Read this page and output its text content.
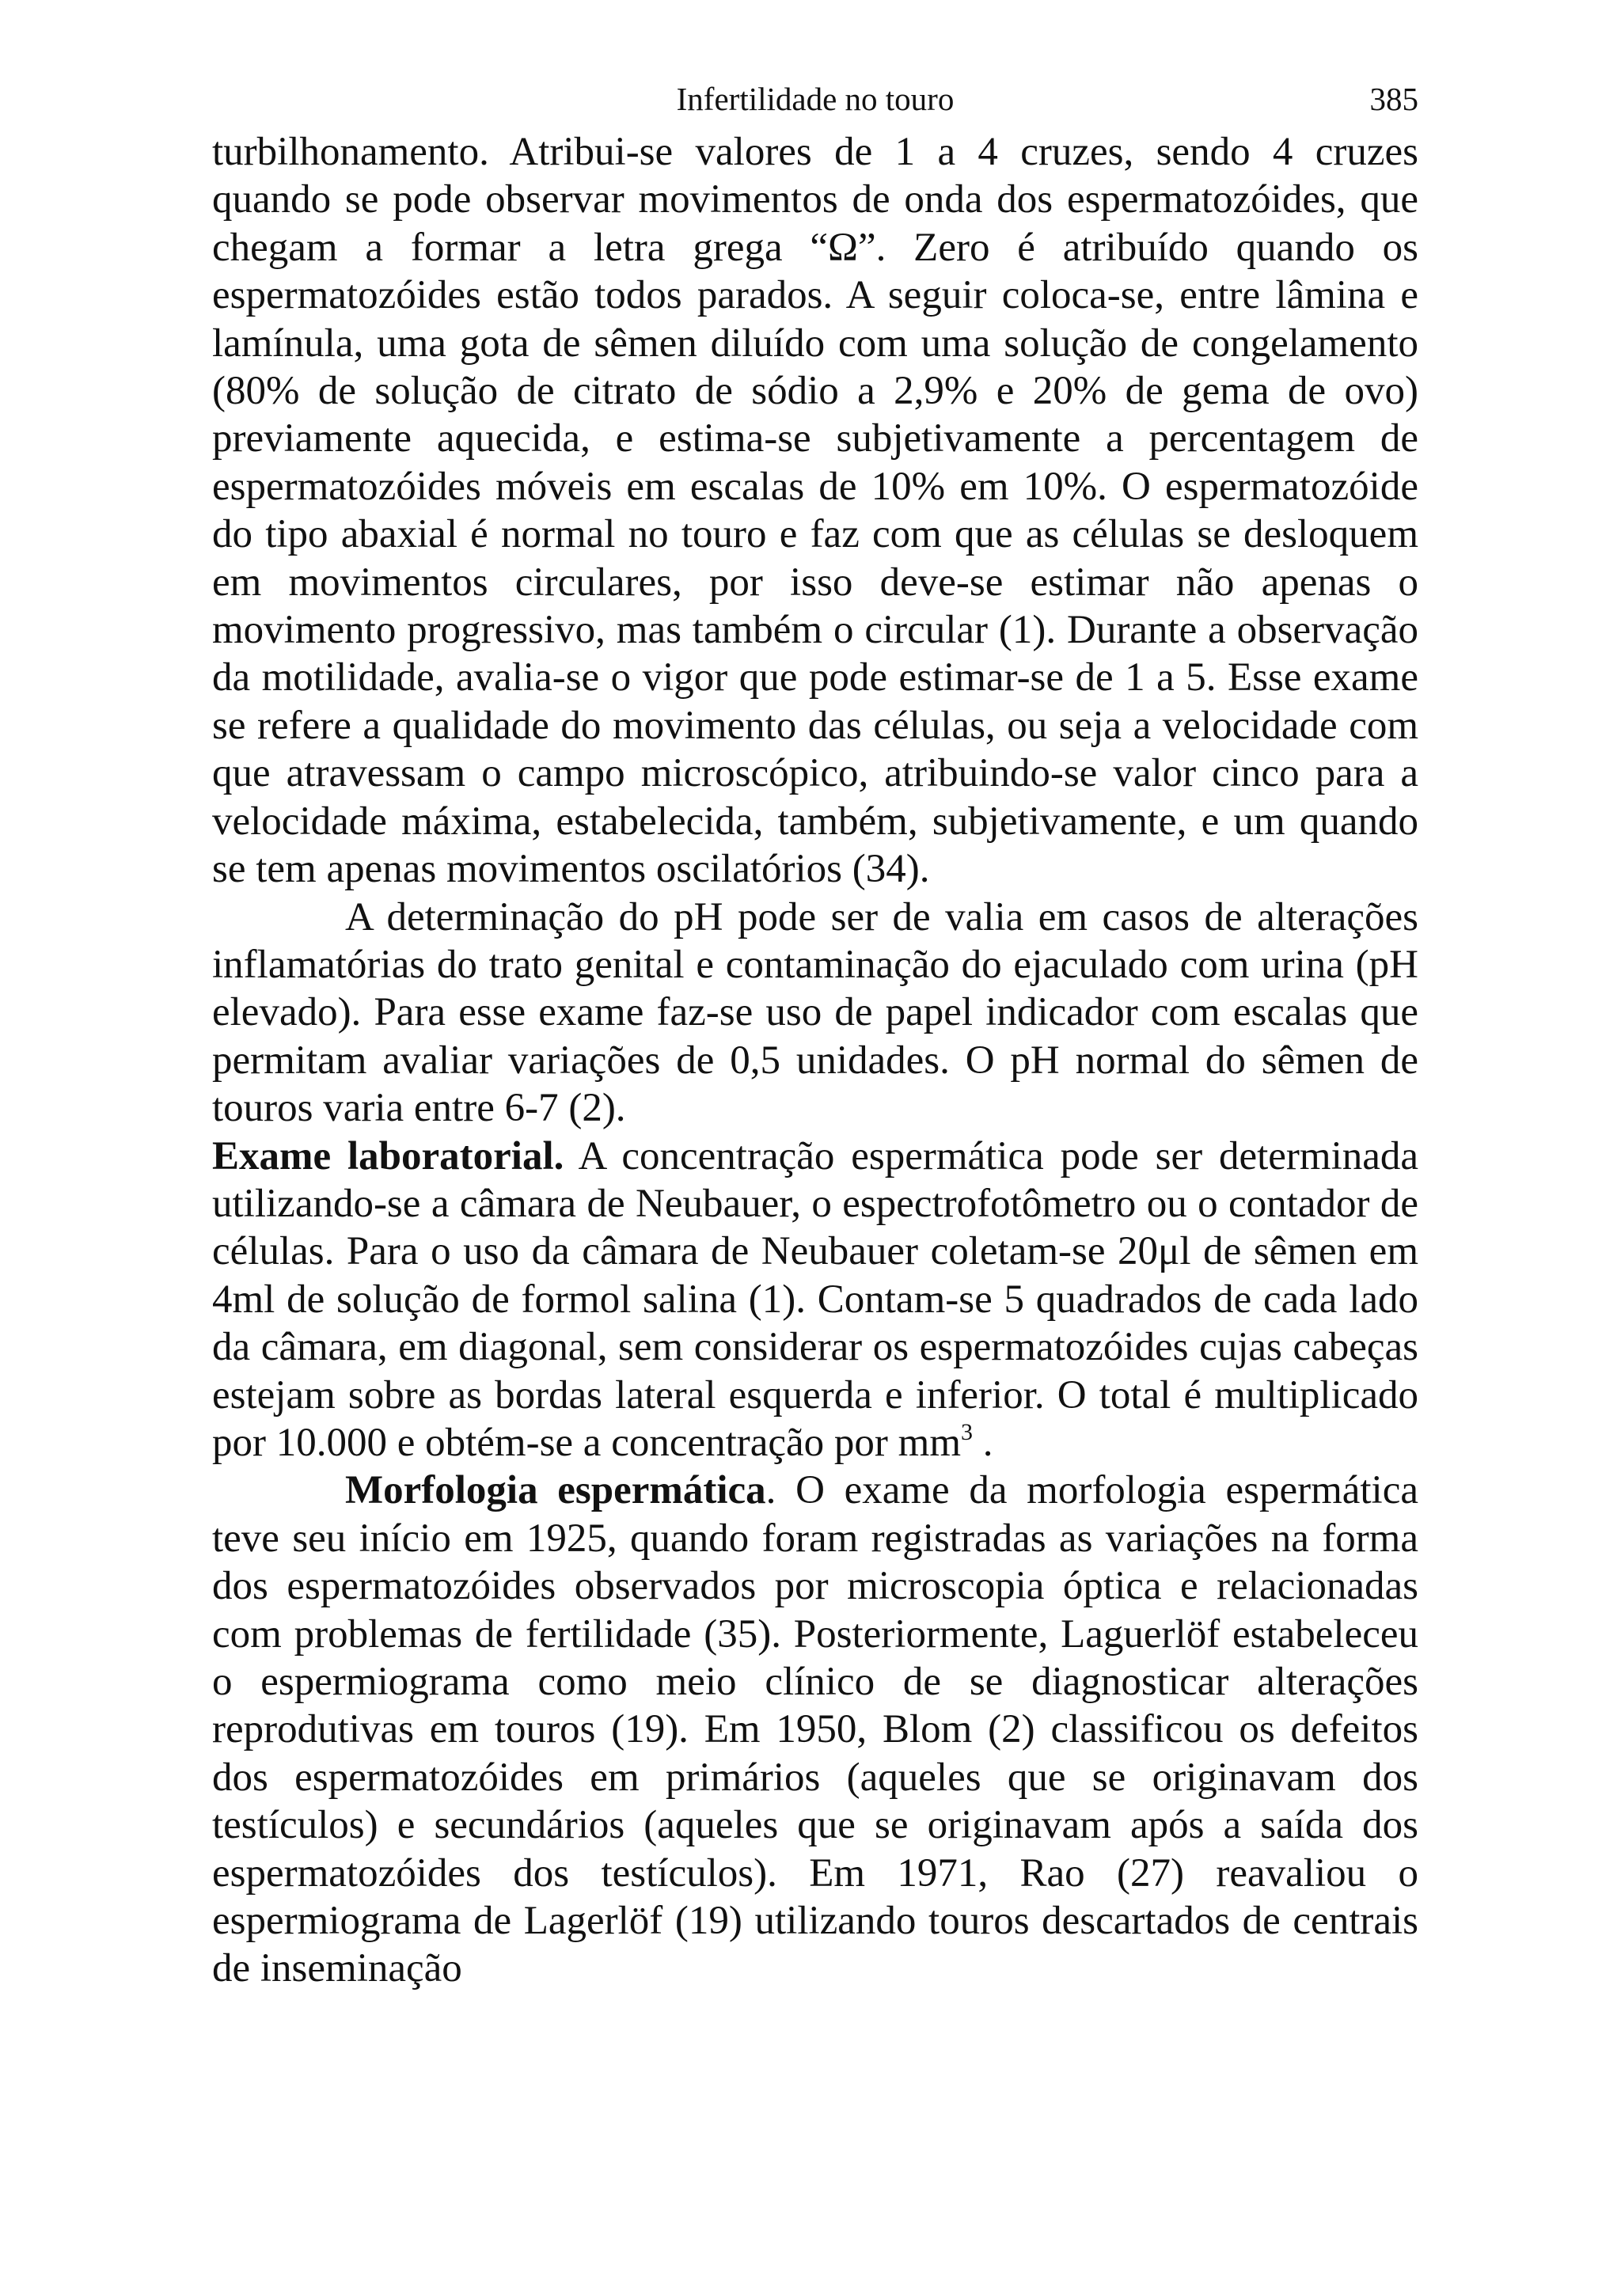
Infertilidade no touro	385

turbilhonamento. Atribui-se valores de 1 a 4 cruzes, sendo 4 cruzes quando se pode observar movimentos de onda dos espermatozóides, que chegam a formar a letra grega “Ω”. Zero é atribuído quando os espermatozóides estão todos parados. A seguir coloca-se, entre lâmina e lamínula, uma gota de sêmen diluído com uma solução de congelamento (80% de solução de citrato de sódio a 2,9% e 20% de gema de ovo) previamente aquecida, e estima-se subjetivamente a percentagem de espermatozóides móveis em escalas de 10% em 10%. O espermatozóide do tipo abaxial é normal no touro e faz com que as células se desloquem em movimentos circulares, por isso deve-se estimar não apenas o movimento progressivo, mas também o circular (1). Durante a observação da motilidade, avalia-se o vigor que pode estimar-se de 1 a 5. Esse exame se refere a qualidade do movimento das células, ou seja a velocidade com que atravessam o campo microscópico, atribuindo-se valor cinco para a velocidade máxima, estabelecida, também, subjetivamente, e um quando se tem apenas movimentos oscilatórios (34).

A determinação do pH pode ser de valia em casos de alterações inflamatórias do trato genital e contaminação do ejaculado com urina (pH elevado). Para esse exame faz-se uso de papel indicador com escalas que permitam avaliar variações de 0,5 unidades. O pH normal do sêmen de touros varia entre 6-7 (2).

Exame laboratorial. A concentração espermática pode ser determinada utilizando-se a câmara de Neubauer, o espectrofotômetro ou o contador de células. Para o uso da câmara de Neubauer coletam-se 20μl de sêmen em 4ml de solução de formol salina (1). Contam-se 5 quadrados de cada lado da câmara, em diagonal, sem considerar os espermatozóides cujas cabeças estejam sobre as bordas lateral esquerda e inferior. O total é multiplicado por 10.000 e obtém-se a concentração por $mm^3$ .

Morfologia espermática. O exame da morfologia espermática teve seu início em 1925, quando foram registradas as variações na forma dos espermatozóides observados por microscopia óptica e relacionadas com problemas de fertilidade (35). Posteriormente, Laguerlöf estabeleceu o espermiograma como meio clínico de se diagnosticar alterações reprodutivas em touros (19). Em 1950, Blom (2) classificou os defeitos dos espermatozóides em primários (aqueles que se originavam dos testículos) e secundários (aqueles que se originavam após a saída dos espermatozóides dos testículos). Em 1971, Rao (27) reavaliou o espermiograma de Lagerlöf (19) utilizando touros descartados de centrais de inseminação
